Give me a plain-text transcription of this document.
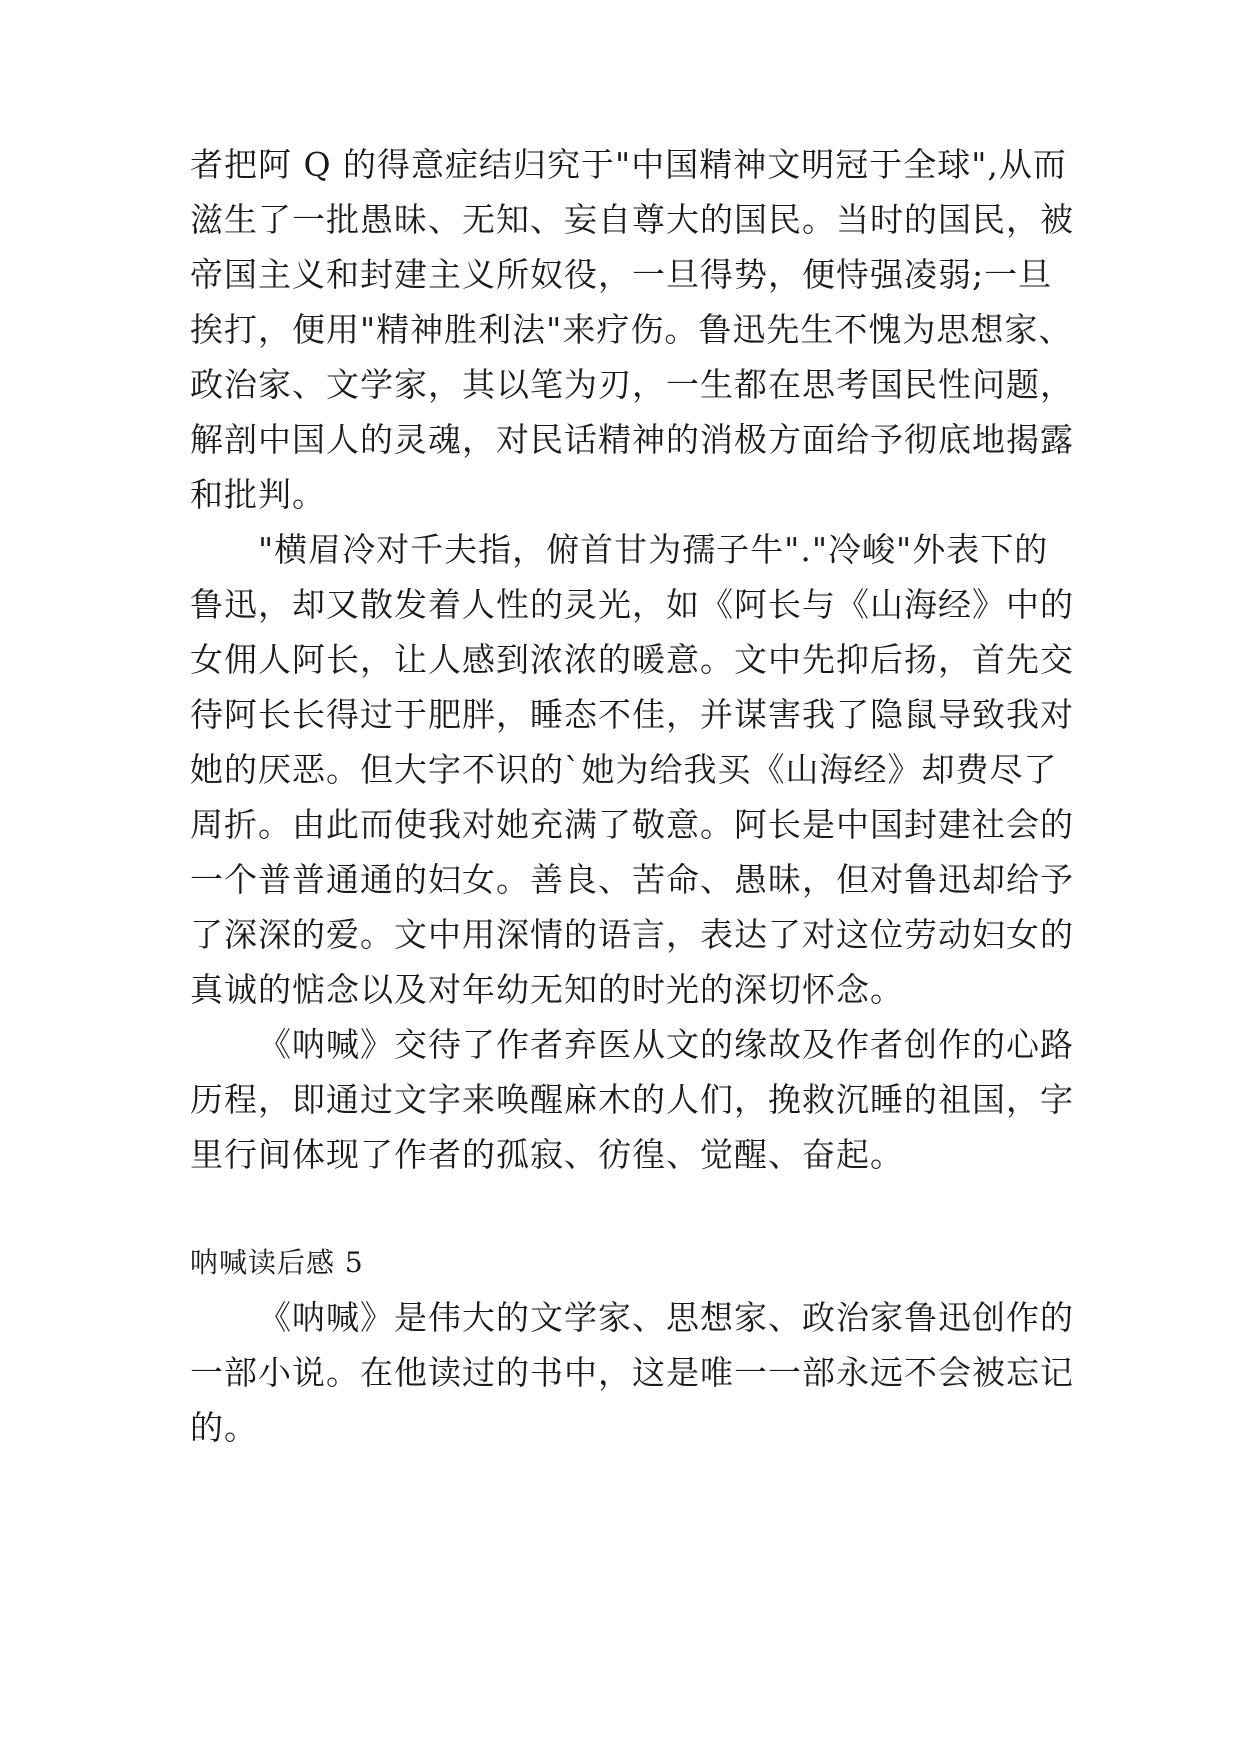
者把阿 Q 的得意症结归究于"中国精神文明冠于全球",从而
滋生了一批愚昧、无知、妄自尊大的国民。当时的国民，被
帝国主义和封建主义所奴役，一旦得势，便恃强凌弱;一旦
挨打，便用"精神胜利法"来疗伤。鲁迅先生不愧为思想家、
政治家、文学家，其以笔为刃，一生都在思考国民性问题，
解剖中国人的灵魂，对民话精神的消极方面给予彻底地揭露
和批判。
"横眉冷对千夫指，俯首甘为孺子牛"."冷峻"外表下的
鲁迅，却又散发着人性的灵光，如《阿长与《山海经》中的
女佣人阿长，让人感到浓浓的暖意。文中先抑后扬，首先交
待阿长长得过于肥胖，睡态不佳，并谋害我了隐鼠导致我对
她的厌恶。但大字不识的`她为给我买《山海经》却费尽了
周折。由此而使我对她充满了敬意。阿长是中国封建社会的
一个普普通通的妇女。善良、苦命、愚昧，但对鲁迅却给予
了深深的爱。文中用深情的语言，表达了对这位劳动妇女的
真诚的惦念以及对年幼无知的时光的深切怀念。
《呐喊》交待了作者弃医从文的缘故及作者创作的心路
历程，即通过文字来唤醒麻木的人们，挽救沉睡的祖国，字
里行间体现了作者的孤寂、彷徨、觉醒、奋起。
呐喊读后感 5
《呐喊》是伟大的文学家、思想家、政治家鲁迅创作的
一部小说。在他读过的书中，这是唯一一部永远不会被忘记
的。
